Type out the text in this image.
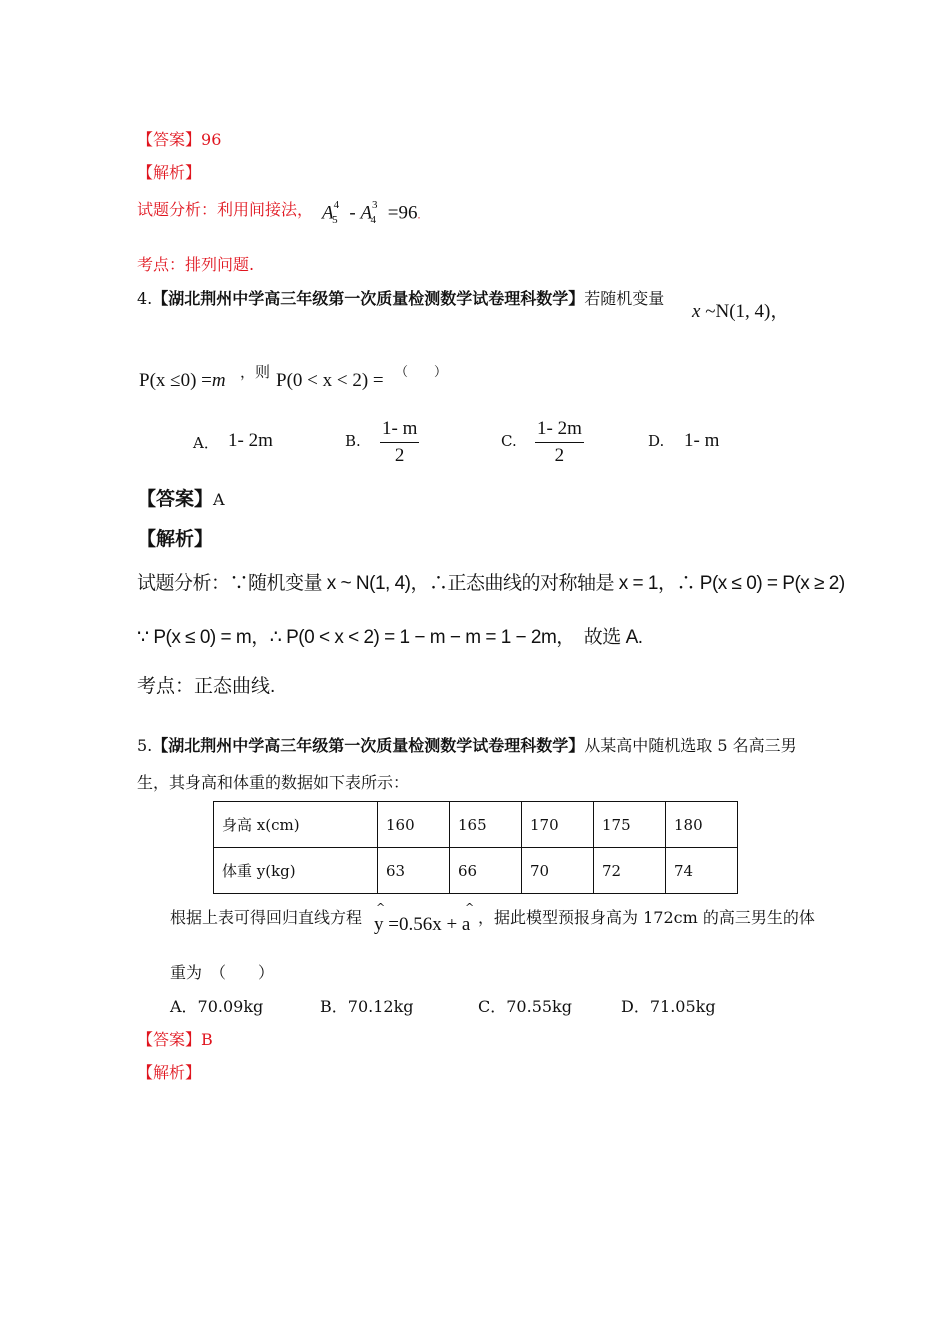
【答案】96
【解析】
试题分析：利用间接法， $A^4_5 - A^3_4 =96$.
考点：排列问题.
4.【湖北荆州中学高三年级第一次质量检测数学试卷理科数学】若随机变量
x ~N(1, 4)，
P(x ≤0) =m ，则 P(0 < x < 2) = （　　）
A． 1- 2m	B. $\frac{1- m}{2}$	C. $\frac{1- 2m}{2}$	D. 1- m
【答案】A
【解析】
试题分析：∵随机变量 x ~ N(1, 4)，∴正态曲线的对称轴是 x = 1，∴ P(x ≤ 0) = P(x ≥ 2)
∵ P(x ≤ 0) = m，∴ P(0 < x < 2) = 1 − m − m = 1 − 2m，　故选 A.
考点：正态曲线.
5.【湖北荆州中学高三年级第一次质量检测数学试卷理科数学】从某高中随机选取 5 名高三男
生，其身高和体重的数据如下表所示：
身高 x(cm)	160	165	170	175	180
体重 y(kg)	63	66	70	72	74
根据上表可得回归直线方程
^	^
y =0.56x + a ，据此模型预报身高为 172cm 的高三男生的体
重为　（　　）
A．70.09kg	B．70.12kg	C．70.55kg	D．71.05kg
【答案】B
【解析】
